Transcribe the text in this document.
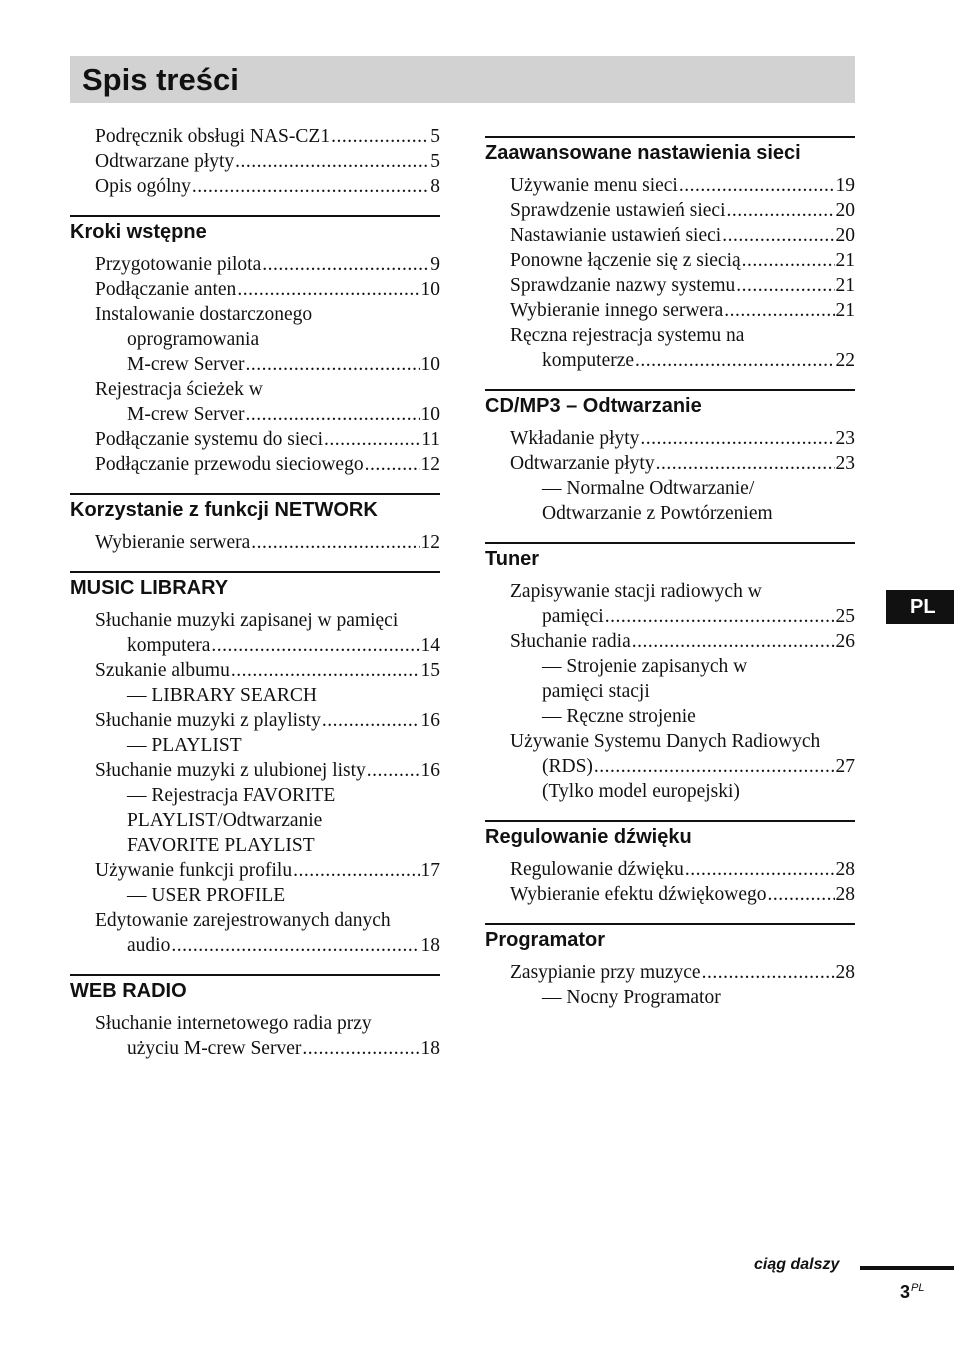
Spis treści
Podręcznik obsługi NAS-CZ1 .....	5
Odtwarzane płyty .....	5
Opis ogólny .....	8
Kroki wstępne
Przygotowanie pilota .....	9
Podłączanie anten .....	10
Instalowanie dostarczonego
oprogramowania
M-crew Server .....	10
Rejestracja ścieżek w
M-crew Server .....	10
Podłączanie systemu do sieci .....	11
Podłączanie przewodu sieciowego .....	12
Korzystanie z funkcji NETWORK
Wybieranie serwera .....	12
MUSIC LIBRARY
Słuchanie muzyki zapisanej w pamięci
komputera .....	14
Szukanie albumu .....	15
— LIBRARY SEARCH
Słuchanie muzyki z playlisty .....	16
— PLAYLIST
Słuchanie muzyki z ulubionej listy .....	16
— Rejestracja FAVORITE
PLAYLIST/Odtwarzanie
FAVORITE PLAYLIST
Używanie funkcji profilu .....	17
— USER PROFILE
Edytowanie zarejestrowanych danych
audio .....	18
WEB RADIO
Słuchanie internetowego radia przy
użyciu M-crew Server .....	18
Zaawansowane nastawienia sieci
Używanie menu sieci .....	19
Sprawdzenie ustawień sieci .....	20
Nastawianie ustawień sieci .....	20
Ponowne łączenie się z siecią .....	21
Sprawdzanie nazwy systemu .....	21
Wybieranie innego serwera .....	21
Ręczna rejestracja systemu na
komputerze .....	22
CD/MP3 – Odtwarzanie
Wkładanie płyty .....	23
Odtwarzanie płyty .....	23
— Normalne Odtwarzanie/
Odtwarzanie z Powtórzeniem
Tuner
Zapisywanie stacji radiowych w
pamięci .....	25
Słuchanie radia .....	26
— Strojenie zapisanych w
pamięci stacji
— Ręczne strojenie
Używanie Systemu Danych Radiowych
(RDS) .....	27
(Tylko model europejski)
Regulowanie dźwięku
Regulowanie dźwięku .....	28
Wybieranie efektu dźwiękowego .....	28
Programator
Zasypianie przy muzyce .....	28
— Nocny Programator
PL
ciąg dalszy
$3^{PL}$
